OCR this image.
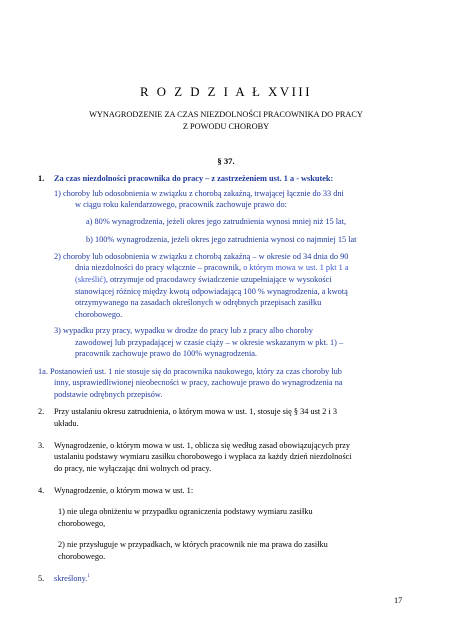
R O Z D Z I A Ł XVIII
WYNAGRODZENIE ZA CZAS NIEZDOLNOŚCI PRACOWNIKA DO PRACY
Z POWODU CHOROBY
§ 37.
1. Za czas niezdolności pracownika do pracy – z zastrzeżeniem ust. 1 a - wskutek:
1) choroby lub odosobnienia w związku z chorobą zakaźną, trwającej łącznie do 33 dni
w ciągu roku kalendarzowego, pracownik zachowuje prawo do:
a) 80% wynagrodzenia, jeżeli okres jego zatrudnienia wynosi mniej niż 15 lat,
b) 100% wynagrodzenia, jeżeli okres jego zatrudnienia wynosi co najmniej 15 lat
2) choroby lub odosobnienia w związku z chorobą zakaźną – w okresie od 34 dnia do 90
dnia niezdolności do pracy włącznie – pracownik, o którym mowa w ust. 1 pkt 1 a
(skreślić), otrzymuje od pracodawcy świadczenie uzupełniające w wysokości
stanowiącej różnicę między kwotą odpowiadającą 100 % wynagrodzenia, a kwotą
otrzymywanego na zasadach określonych w odrębnych przepisach zasiłku
chorobowego.
3) wypadku przy pracy, wypadku w drodze do pracy lub z pracy albo choroby
zawodowej lub przypadającej w czasie ciąży – w okresie wskazanym w pkt. 1) –
pracownik zachowuje prawo do 100% wynagrodzenia.
1a. Postanowień ust. 1 nie stosuje się do pracownika naukowego, który za czas choroby lub
inny, usprawiedliwionej nieobecności w pracy, zachowuje prawo do wynagrodzenia na
podstawie odrębnych przepisów.
2. Przy ustalaniu okresu zatrudnienia, o którym mowa w ust. 1, stosuje się § 34 ust 2 i 3
układu.
3. Wynagrodzenie, o którym mowa w ust. 1, oblicza się według zasad obowiązujących przy
ustalaniu podstawy wymiaru zasiłku chorobowego i wypłaca za każdy dzień niezdolności
do pracy, nie wyłączając dni wolnych od pracy.
4. Wynagrodzenie, o którym mowa w ust. 1:
1) nie ulega obniżeniu w przypadku ograniczenia podstawy wymiaru zasiłku
chorobowego,
2) nie przysługuje w przypadkach, w których pracownik nie ma prawa do zasiłku
chorobowego.
5. skreślony.$^1$
17
